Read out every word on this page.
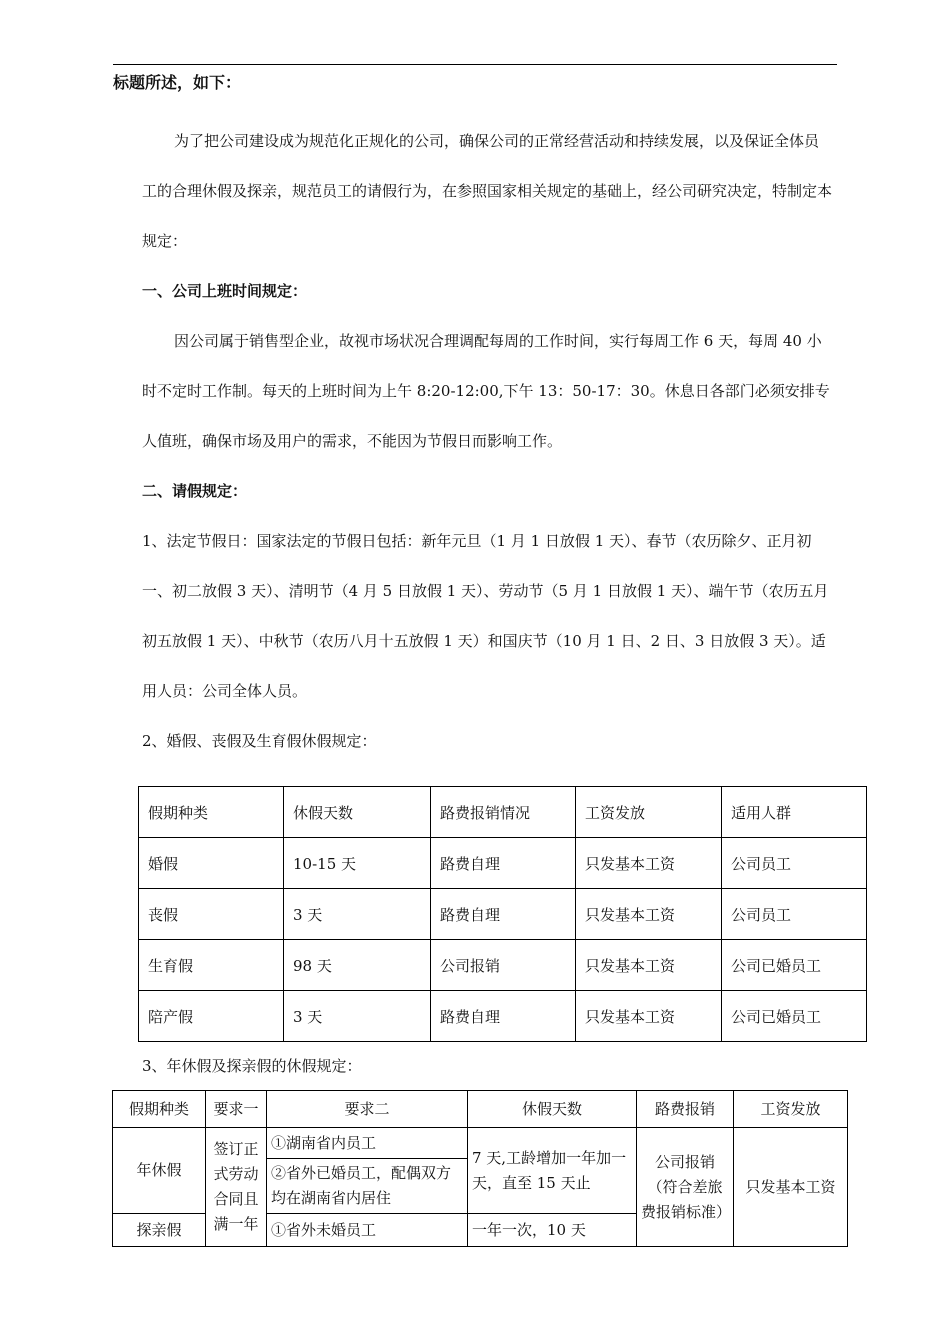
标题所述，如下：
为了把公司建设成为规范化正规化的公司，确保公司的正常经营活动和持续发展，以及保证全体员工的合理休假及探亲，规范员工的请假行为，在参照国家相关规定的基础上，经公司研究决定，特制定本规定：
一、公司上班时间规定：
因公司属于销售型企业，故视市场状况合理调配每周的工作时间，实行每周工作 6 天，每周 40 小时不定时工作制。每天的上班时间为上午 8:20-12:00,下午 13：50-17：30。休息日各部门必须安排专人值班，确保市场及用户的需求，不能因为节假日而影响工作。
二、请假规定：
1、法定节假日：国家法定的节假日包括：新年元旦（1 月 1 日放假 1 天）、春节（农历除夕、正月初一、初二放假 3 天）、清明节（4 月 5 日放假 1 天）、劳动节（5 月 1 日放假 1 天）、端午节（农历五月初五放假 1 天）、中秋节（农历八月十五放假 1 天）和国庆节（10 月 1 日、2 日、3 日放假 3 天）。适用人员：公司全体人员。
2、婚假、丧假及生育假休假规定：
假期种类	休假天数	路费报销情况	工资发放	适用人群
婚假	10-15 天	路费自理	只发基本工资	公司员工
丧假	3 天	路费自理	只发基本工资	公司员工
生育假	98 天	公司报销	只发基本工资	公司已婚员工
陪产假	3 天	路费自理	只发基本工资	公司已婚员工
3、年休假及探亲假的休假规定：
假期种类	要求一	要求二	休假天数	路费报销	工资发放
年休假	签订正式劳动合同且满一年	①湖南省内员工	7 天,工龄增加一年加一天，直至 15 天止	公司报销（符合差旅费报销标准）	只发基本工资
		②省外已婚员工，配偶双方均在湖南省内居住			
探亲假		①省外未婚员工	一年一次，10 天		
